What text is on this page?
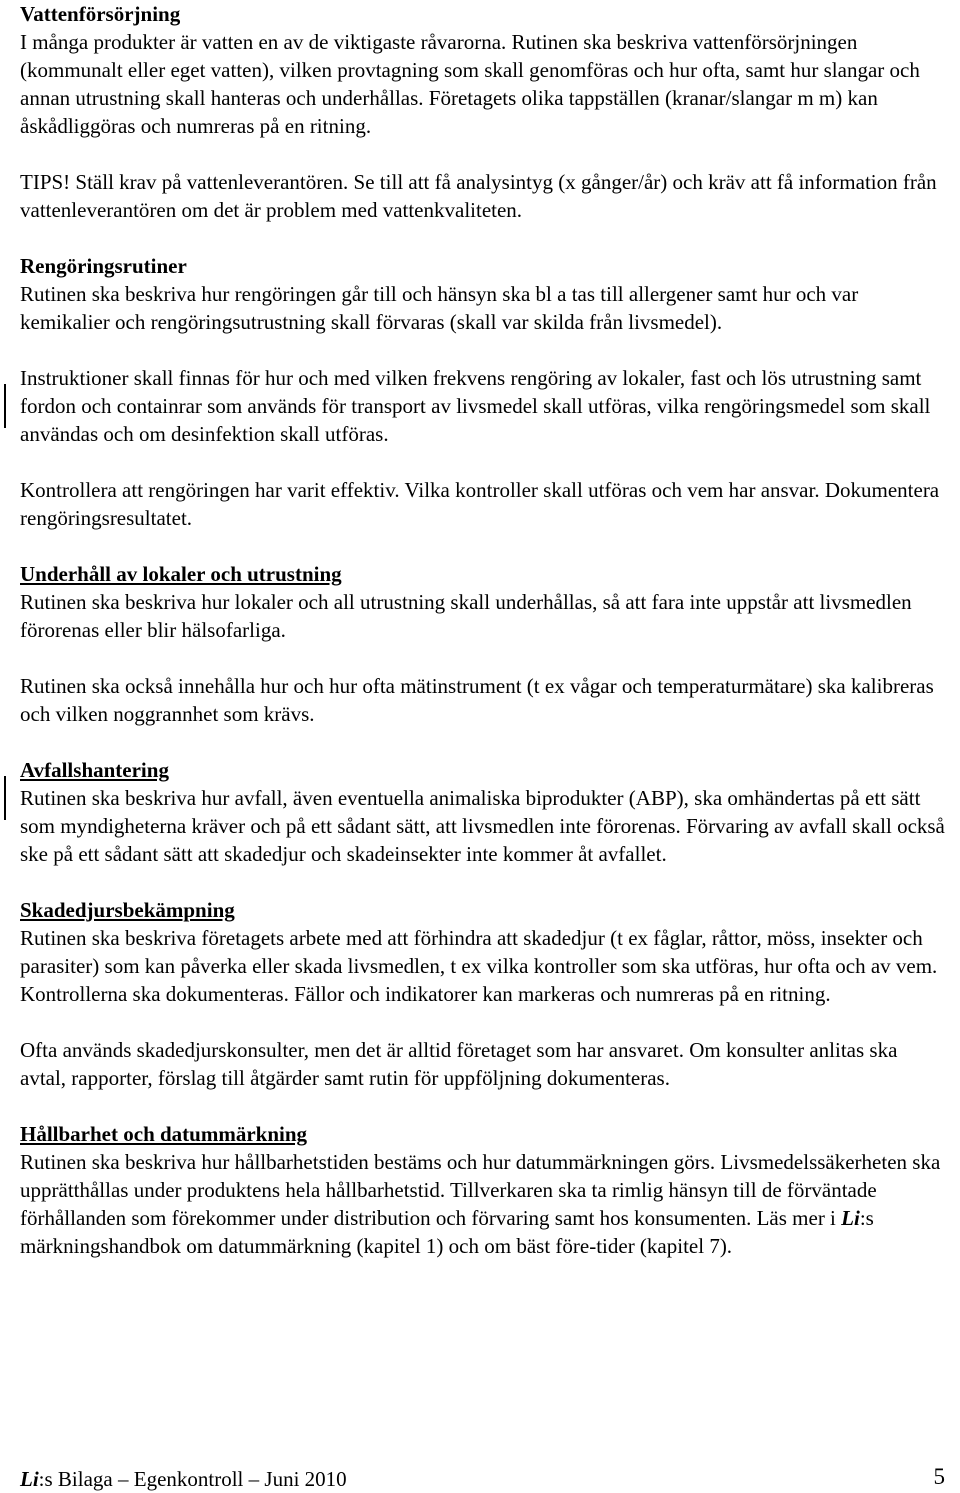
Vattenförsörjning

I många produkter är vatten en av de viktigaste råvarorna. Rutinen ska beskriva vattenförsörjningen (kommunalt eller eget vatten), vilken provtagning som skall genomföras och hur ofta, samt hur slangar och annan utrustning skall hanteras och underhållas. Företagets olika tappställen (kranar/slangar m m) kan åskådliggöras och numreras på en ritning.

TIPS! Ställ krav på vattenleverantören. Se till att få analysintyg (x gånger/år) och kräv att få information från vattenleverantören om det är problem med vattenkvaliteten.

Rengöringsrutiner

Rutinen ska beskriva hur rengöringen går till och hänsyn ska bl a tas till allergener samt hur och var kemikalier och rengöringsutrustning skall förvaras (skall var skilda från livsmedel).

Instruktioner skall finnas för hur och med vilken frekvens rengöring av lokaler, fast och lös utrustning samt fordon och containrar som används för transport av livsmedel skall utföras, vilka rengöringsmedel som skall användas och om desinfektion skall utföras.

Kontrollera att rengöringen har varit effektiv. Vilka kontroller skall utföras och vem har ansvar. Dokumentera rengöringsresultatet.

Underhåll av lokaler och utrustning

Rutinen ska beskriva hur lokaler och all utrustning skall underhållas, så att fara inte uppstår att livsmedlen förorenas eller blir hälsofarliga.

Rutinen ska också innehålla hur och hur ofta mätinstrument (t ex vågar och temperaturmätare) ska kalibreras och vilken noggrannhet som krävs.

Avfallshantering

Rutinen ska beskriva hur avfall, även eventuella animaliska biprodukter (ABP), ska omhändertas på ett sätt som myndigheterna kräver och på ett sådant sätt, att livsmedlen inte förorenas. Förvaring av avfall skall också ske på ett sådant sätt att skadedjur och skadeinsekter inte kommer åt avfallet.

Skadedjursbekämpning

Rutinen ska beskriva företagets arbete med att förhindra att skadedjur (t ex fåglar, råttor, möss, insekter och parasiter) som kan påverka eller skada livsmedlen, t ex vilka kontroller som ska utföras, hur ofta och av vem. Kontrollerna ska dokumenteras. Fällor och indikatorer kan markeras och numreras på en ritning.

Ofta används skadedjurskonsulter, men det är alltid företaget som har ansvaret. Om konsulter anlitas ska avtal, rapporter, förslag till åtgärder samt rutin för uppföljning dokumenteras.

Hållbarhet och datummärkning

Rutinen ska beskriva hur hållbarhetstiden bestäms och hur datummärkningen görs. Livsmedelssäkerheten ska upprätthållas under produktens hela hållbarhetstid. Tillverkaren ska ta rimlig hänsyn till de förväntade förhållanden som förekommer under distribution och förvaring samt hos konsumenten. Läs mer i Li:s märkningshandbok om datummärkning (kapitel 1) och om bäst före-tider (kapitel 7).

Li:s Bilaga – Egenkontroll – Juni 2010	5
